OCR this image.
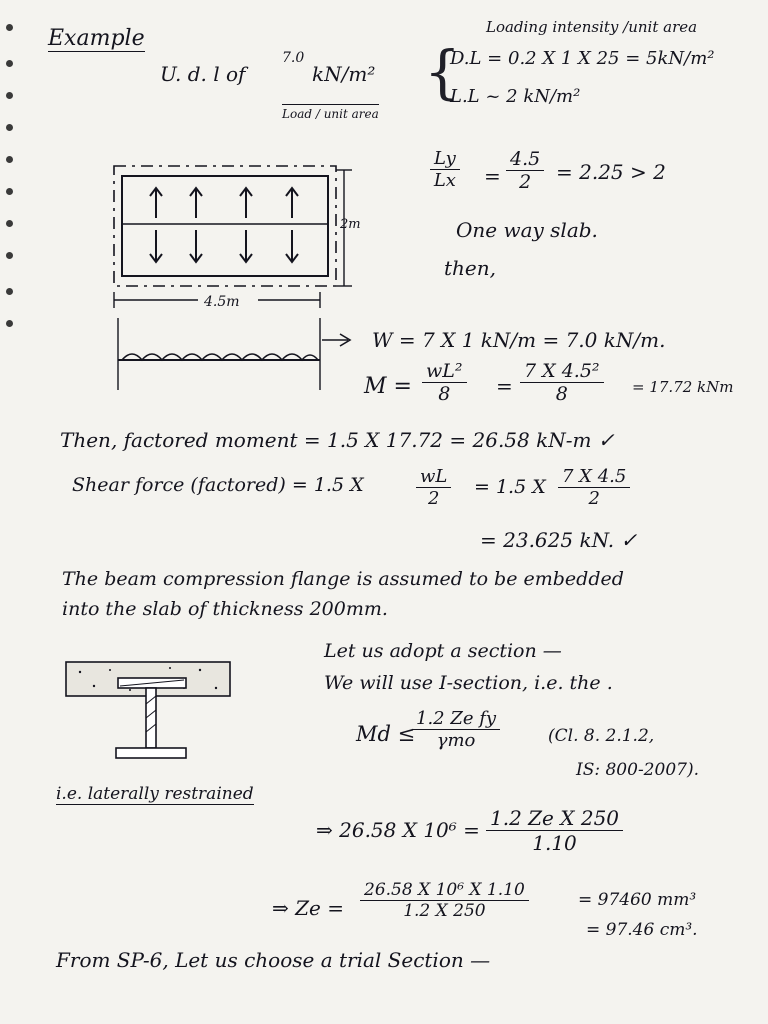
Example
U. d. l of
7.0
kN/m²
Load / unit area
Loading intensity /unit area
{
D.L = 0.2 X 1 X 25 = 5kN/m²
L.L ~ 2 kN/m²
2m
4.5m
$\frac{Ly}{Lx} = \frac{4.5}{2} = 2.25 > 2$
One way slab.
then,
W = 7 X 1 kN/m = 7.0 kN/m.
$M = \frac{\text{wL²}}{8} = \frac{\text{7 X 4.5²}}{8} = 17.72$ kNm
Then, factored moment = 1.5 X 17.72 = 26.58 kN-m ✓
Shear force (factored) = 1.5 X	$\frac{wL}{2} = 1.5$ X $\frac{7 X 4.5}{2}$
= 23.625 kN. ✓
The beam compression flange is assumed to be embedded
into the slab of thickness 200mm.
Let us adopt a section —
We will use I-section, i.e. the .
i.e. laterally restrained
Md ≤
1.2 Ze fy
γmo	(Cl. 8. 2.1.2,
IS: 800-2007).
⇒ 26.58 X $10^6 = \frac{\text{1.2 Ze X 250}}{1.10}$
⇒ $Ze = \frac{\text{26.58 X 10⁶ X 1.10}}{1.2 X 250}$	= 97460 mm³
= 97.46 cm³.
From SP-6, Let us choose a trial Section —
